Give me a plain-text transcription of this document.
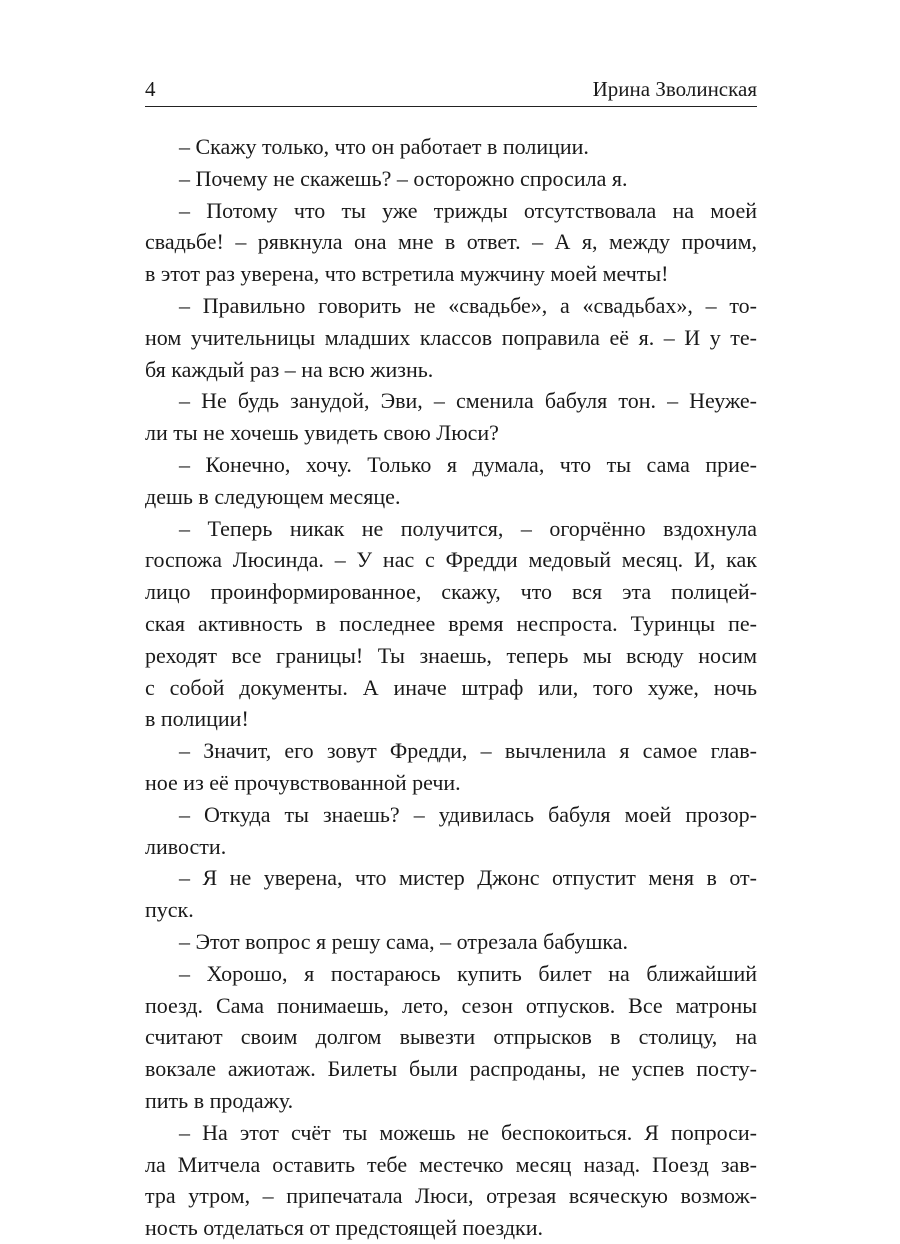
4	Ирина Зволинская
– Скажу только, что он работает в полиции.
– Почему не скажешь? – осторожно спросила я.
– Потому что ты уже трижды отсутствовала на моей
свадьбе! – рявкнула она мне в ответ. – А я, между прочим,
в этот раз уверена, что встретила мужчину моей мечты!
– Правильно говорить не «свадьбе», а «свадьбах», – то-
ном учительницы младших классов поправила её я. – И у те-
бя каждый раз – на всю жизнь.
– Не будь занудой, Эви, – сменила бабуля тон. – Неуже-
ли ты не хочешь увидеть свою Люси?
– Конечно, хочу. Только я думала, что ты сама прие-
дешь в следующем месяце.
– Теперь никак не получится, – огорчённо вздохнула
госпожа Люсинда. – У нас с Фредди медовый месяц. И, как
лицо проинформированное, скажу, что вся эта полицей-
ская активность в последнее время неспроста. Туринцы пе-
реходят все границы! Ты знаешь, теперь мы всюду носим
с собой документы. А иначе штраф или, того хуже, ночь
в полиции!
– Значит, его зовут Фредди, – вычленила я самое глав-
ное из её прочувствованной речи.
– Откуда ты знаешь? – удивилась бабуля моей прозор-
ливости.
– Я не уверена, что мистер Джонс отпустит меня в от-
пуск.
– Этот вопрос я решу сама, – отрезала бабушка.
– Хорошо, я постараюсь купить билет на ближайший
поезд. Сама понимаешь, лето, сезон отпусков. Все матроны
считают своим долгом вывезти отпрысков в столицу, на
вокзале ажиотаж. Билеты были распроданы, не успев посту-
пить в продажу.
– На этот счёт ты можешь не беспокоиться. Я попроси-
ла Митчела оставить тебе местечко месяц назад. Поезд зав-
тра утром, – припечатала Люси, отрезая всяческую возмож-
ность отделаться от предстоящей поездки.
